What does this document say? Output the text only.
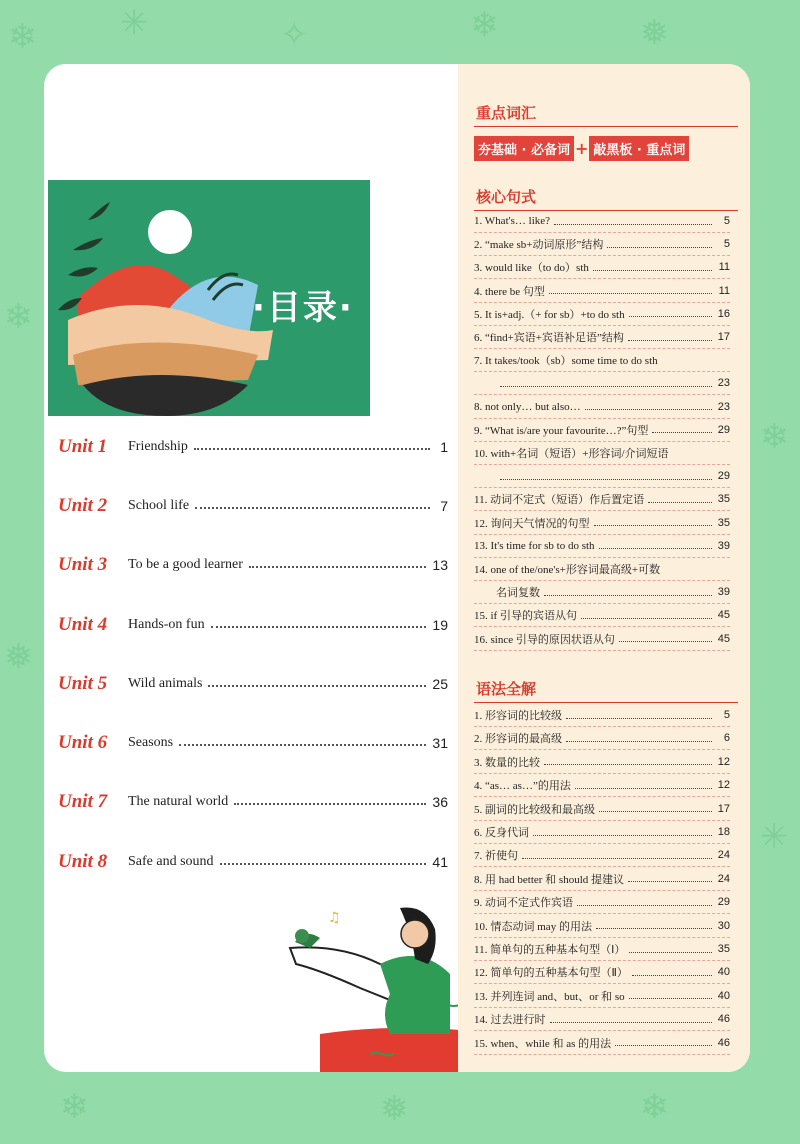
❄ ✳	✧	❄	❅
❄
❅
❄
✳
❄	❅	❄
·目录·
Unit 1	Friendship	1
Unit 2	School life	7
Unit 3	To be a good learner	13
Unit 4	Hands-on fun	19
Unit 5	Wild animals	25
Unit 6	Seasons	31
Unit 7	The natural world	36
Unit 8	Safe and sound	41
♫
重点词汇
夯基础 · 必备词 + 敲黑板 · 重点词
核心句式
1. What's… like?	5
2. “make sb+动词原形”结构	5
3. would like（to do）sth	11
4. there be 句型	11
5. It is+adj.（+ for sb）+to do sth	16
6. “find+宾语+宾语补足语”结构	17
7. It takes/took（sb）some time to do sth
23
8. not only… but also…	23
9. “What is/are your favourite…?”句型	29
10. with+名词（短语）+形容词/介词短语
29
11. 动词不定式（短语）作后置定语	35
12. 询问天气情况的句型	35
13. It's time for sb to do sth	39
14. one of the/one's+形容词最高级+可数
名词复数	39
15. if 引导的宾语从句	45
16. since 引导的原因状语从句	45
语法全解
1. 形容词的比较级	5
2. 形容词的最高级	6
3. 数量的比较	12
4. “as… as…”的用法	12
5. 副词的比较级和最高级	17
6. 反身代词	18
7. 祈使句	24
8. 用 had better 和 should 提建议	24
9. 动词不定式作宾语	29
10. 情态动词 may 的用法	30
11. 简单句的五种基本句型（Ⅰ）	35
12. 简单句的五种基本句型（Ⅱ）	40
13. 并列连词 and、but、or 和 so	40
14. 过去进行时	46
15. when、while 和 as 的用法	46
